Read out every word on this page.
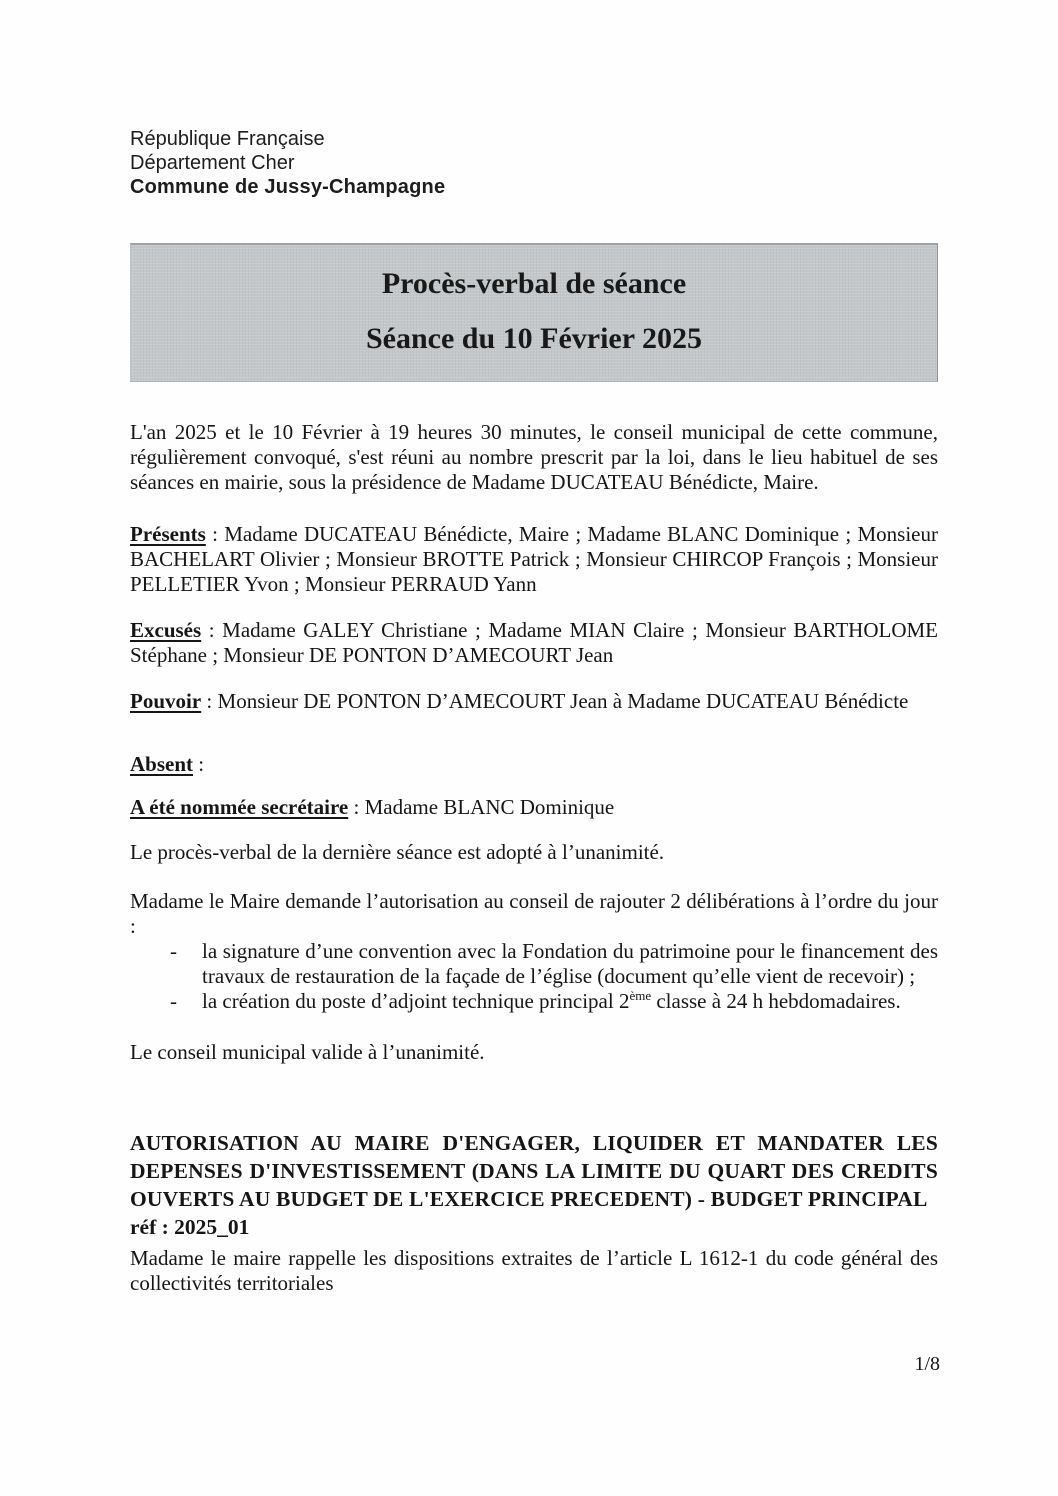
République Française
Département Cher
Commune de Jussy-Champagne
Procès-verbal de séance
Séance du 10 Février 2025

L'an 2025 et le 10 Février à 19 heures 30 minutes, le conseil municipal de cette commune, régulièrement convoqué, s'est réuni au nombre prescrit par la loi, dans le lieu habituel de ses séances en mairie, sous la présidence de Madame DUCATEAU Bénédicte, Maire.

Présents : Madame DUCATEAU Bénédicte, Maire ; Madame BLANC Dominique ; Monsieur BACHELART Olivier ; Monsieur BROTTE Patrick ; Monsieur CHIRCOP François ; Monsieur PELLETIER Yvon ; Monsieur PERRAUD Yann

Excusés : Madame GALEY Christiane ; Madame MIAN Claire ; Monsieur BARTHOLOME Stéphane ; Monsieur DE PONTON D’AMECOURT Jean

Pouvoir : Monsieur DE PONTON D’AMECOURT Jean à Madame DUCATEAU Bénédicte

Absent :

A été nommée secrétaire : Madame BLANC Dominique

Le procès-verbal de la dernière séance est adopté à l’unanimité.

Madame le Maire demande l’autorisation au conseil de rajouter 2 délibérations à l’ordre du jour :

- la signature d’une convention avec la Fondation du patrimoine pour le financement des travaux de restauration de la façade de l’église (document qu’elle vient de recevoir) ;
- la création du poste d’adjoint technique principal 2ème classe à 24 h hebdomadaires.

Le conseil municipal valide à l’unanimité.

AUTORISATION AU MAIRE D'ENGAGER, LIQUIDER ET MANDATER LES DEPENSES D'INVESTISSEMENT (DANS LA LIMITE DU QUART DES CREDITS OUVERTS AU BUDGET DE L'EXERCICE PRECEDENT) - BUDGET PRINCIPAL

réf : 2025_01

Madame le maire rappelle les dispositions extraites de l’article L 1612-1 du code général des collectivités territoriales

1/8
